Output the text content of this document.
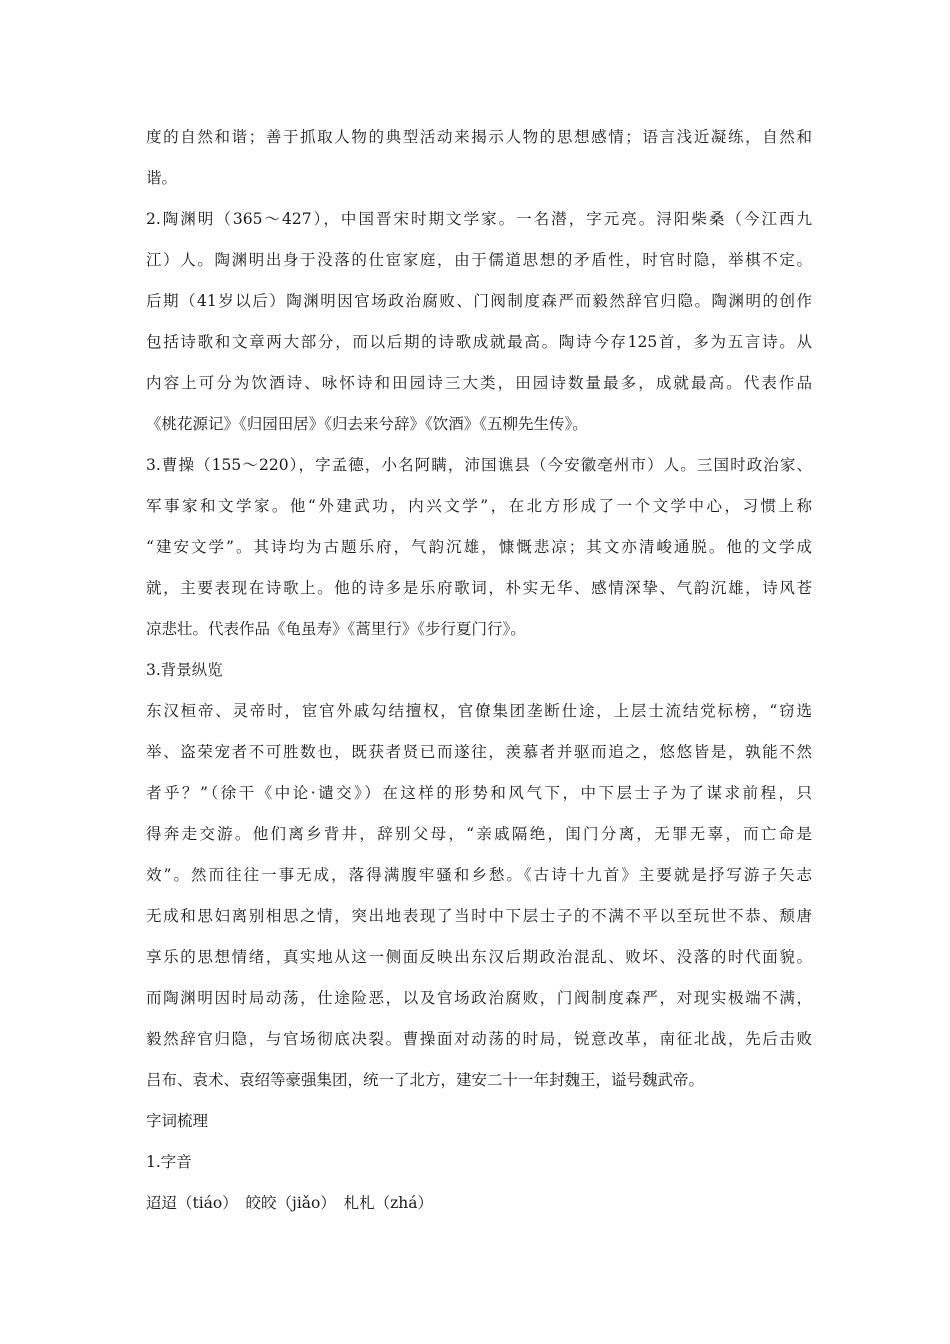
度的自然和谐；善于抓取人物的典型活动来揭示人物的思想感情；语言浅近凝练，自然和
谐。
2.陶渊明（365～427），中国晋宋时期文学家。一名潜，字元亮。浔阳柴桑（今江西九
江）人。陶渊明出身于没落的仕宦家庭，由于儒道思想的矛盾性，时官时隐，举棋不定。
后期（41岁以后）陶渊明因官场政治腐败、门阀制度森严而毅然辞官归隐。陶渊明的创作
包括诗歌和文章两大部分，而以后期的诗歌成就最高。陶诗今存125首，多为五言诗。从
内容上可分为饮酒诗、咏怀诗和田园诗三大类，田园诗数量最多，成就最高。代表作品
《桃花源记》《归园田居》《归去来兮辞》《饮酒》《五柳先生传》。
3.曹操（155～220），字孟德，小名阿瞒，沛国谯县（今安徽亳州市）人。三国时政治家、
军事家和文学家。他“外建武功，内兴文学”，在北方形成了一个文学中心，习惯上称
“建安文学”。其诗均为古题乐府，气韵沉雄，慷慨悲凉；其文亦清峻通脱。他的文学成
就，主要表现在诗歌上。他的诗多是乐府歌词，朴实无华、感情深挚、气韵沉雄，诗风苍
凉悲壮。代表作品《龟虽寿》《蒿里行》《步行夏门行》。
3.背景纵览
东汉桓帝、灵帝时，宦官外戚勾结擅权，官僚集团垄断仕途，上层士流结党标榜，“窃选
举、盗荣宠者不可胜数也，既获者贤已而遂往，羡慕者并驱而追之，悠悠皆是，孰能不然
者乎？”（徐干《中论·谴交》）在这样的形势和风气下，中下层士子为了谋求前程，只
得奔走交游。他们离乡背井，辞别父母，“亲戚隔绝，闺门分离，无罪无辜，而亡命是
效”。然而往往一事无成，落得满腹牢骚和乡愁。《古诗十九首》主要就是抒写游子矢志
无成和思妇离别相思之情，突出地表现了当时中下层士子的不满不平以至玩世不恭、颓唐
享乐的思想情绪，真实地从这一侧面反映出东汉后期政治混乱、败坏、没落的时代面貌。
而陶渊明因时局动荡，仕途险恶，以及官场政治腐败，门阀制度森严，对现实极端不满，
毅然辞官归隐，与官场彻底决裂。曹操面对动荡的时局，锐意改革，南征北战，先后击败
吕布、袁术、袁绍等豪强集团，统一了北方，建安二十一年封魏王，谥号魏武帝。
字词梳理
1.字音
迢迢（tiáo）　皎皎（jiǎo）　札札（zhá）
